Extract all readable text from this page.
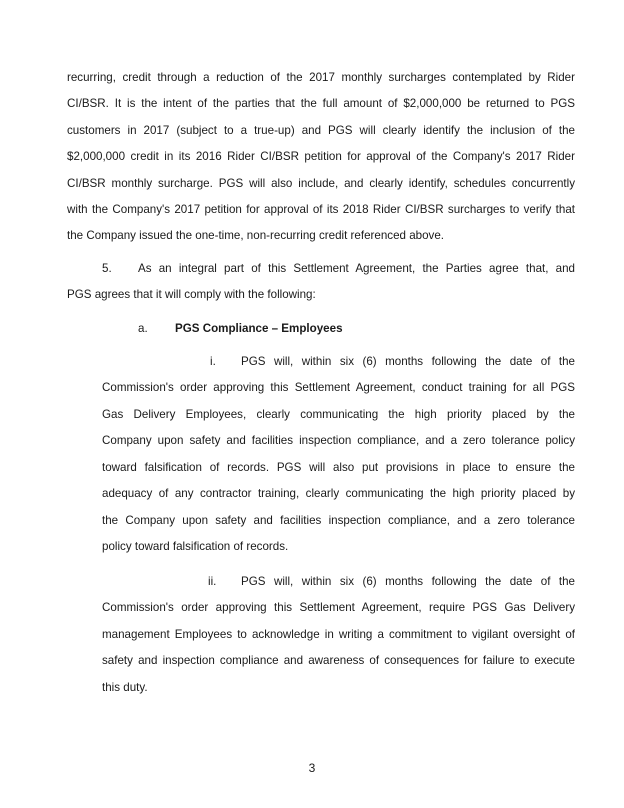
recurring, credit through a reduction of the 2017 monthly surcharges contemplated by Rider
CI/BSR. It is the intent of the parties that the full amount of $2,000,000 be returned to PGS
customers in 2017 (subject to a true-up) and PGS will clearly identify the inclusion of the
$2,000,000 credit in its 2016 Rider CI/BSR petition for approval of the Company's 2017 Rider
CI/BSR monthly surcharge. PGS will also include, and clearly identify, schedules concurrently
with the Company's 2017 petition for approval of its 2018 Rider CI/BSR surcharges to verify that
the Company issued the one-time, non-recurring credit referenced above.
5. As an integral part of this Settlement Agreement, the Parties agree that, and
PGS agrees that it will comply with the following:
a. PGS Compliance – Employees
i. PGS will, within six (6) months following the date of the
Commission's order approving this Settlement Agreement, conduct training for all PGS
Gas Delivery Employees, clearly communicating the high priority placed by the
Company upon safety and facilities inspection compliance, and a zero tolerance policy
toward falsification of records. PGS will also put provisions in place to ensure the
adequacy of any contractor training, clearly communicating the high priority placed by
the Company upon safety and facilities inspection compliance, and a zero tolerance
policy toward falsification of records.
ii. PGS will, within six (6) months following the date of the
Commission's order approving this Settlement Agreement, require PGS Gas Delivery
management Employees to acknowledge in writing a commitment to vigilant oversight of
safety and inspection compliance and awareness of consequences for failure to execute
this duty.
3
